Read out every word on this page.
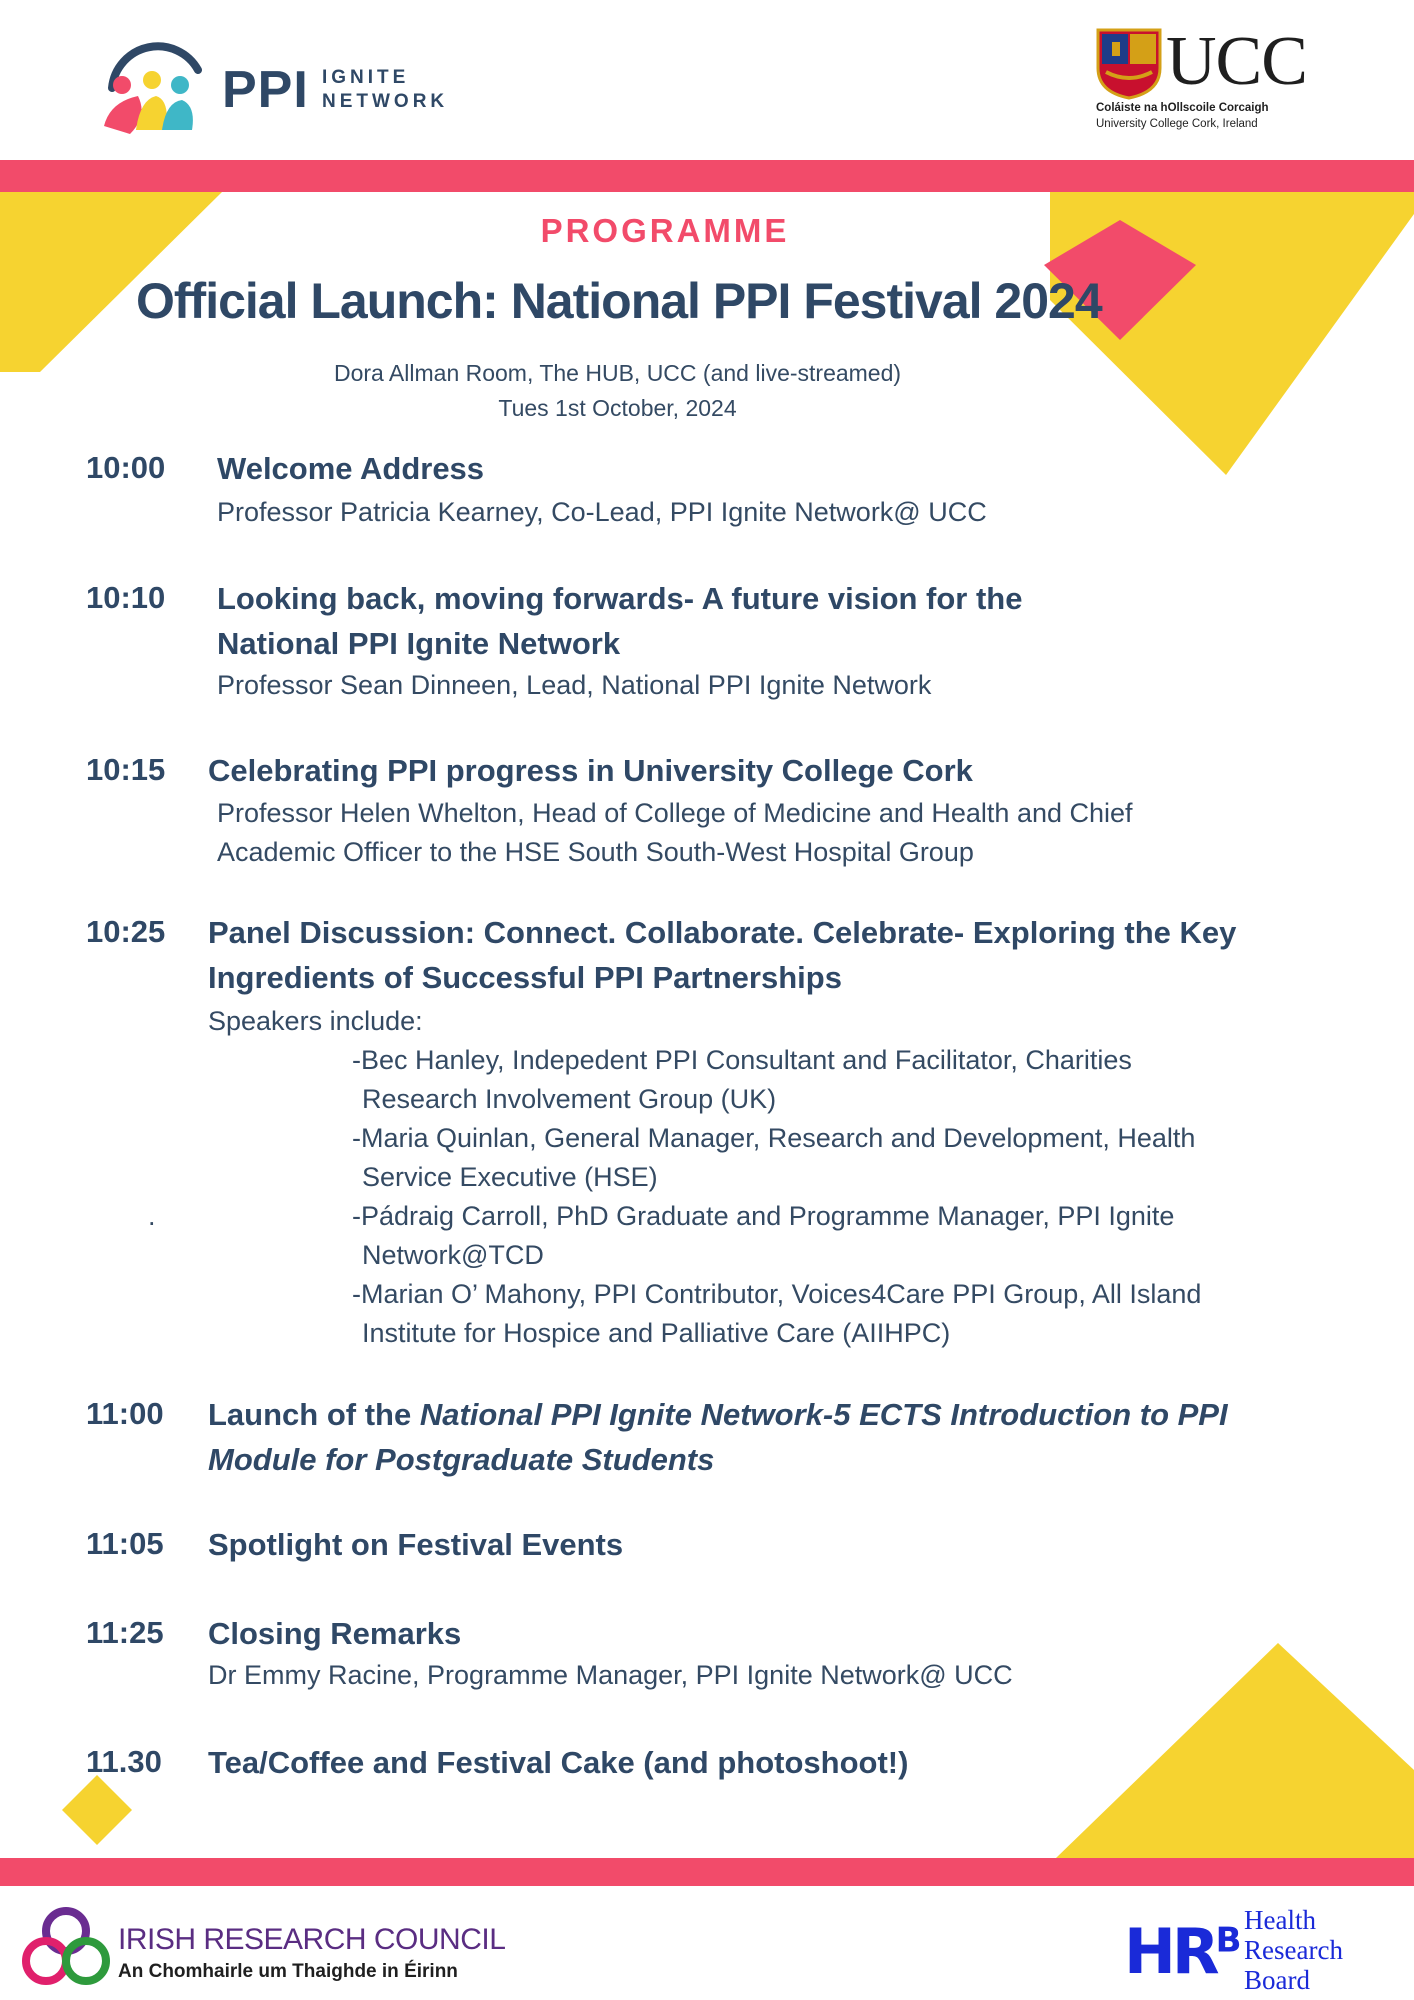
PPI IGNITE
NETWORK
UCC
Coláiste na hOllscoile Corcaigh
University College Cork, Ireland
PROGRAMME
Official Launch: National PPI Festival 2024
Dora Allman Room, The HUB, UCC (and live-streamed)
Tues 1st October, 2024
10:00 Welcome Address
Professor Patricia Kearney, Co-Lead, PPI Ignite Network@ UCC
10:10 Looking back, moving forwards- A future vision for the
National PPI Ignite Network
Professor Sean Dinneen, Lead, National PPI Ignite Network
10:15 Celebrating PPI progress in University College Cork
Professor Helen Whelton, Head of College of Medicine and Health and Chief
Academic Officer to the HSE South South-West Hospital Group
10:25 Panel Discussion: Connect. Collaborate. Celebrate- Exploring the Key
Ingredients of Successful PPI Partnerships
Speakers include:
-Bec Hanley, Indepedent PPI Consultant and Facilitator, Charities
Research Involvement Group (UK)
-Maria Quinlan, General Manager, Research and Development, Health
Service Executive (HSE)
-Pádraig Carroll, PhD Graduate and Programme Manager, PPI Ignite
Network@TCD
-Marian O’ Mahony, PPI Contributor, Voices4Care PPI Group, All Island
Institute for Hospice and Palliative Care (AIIHPC)
.
11:00 Launch of the National PPI Ignite Network-5 ECTS Introduction to PPI
Module for Postgraduate Students
11:05 Spotlight on Festival Events
11:25 Closing Remarks
Dr Emmy Racine, Programme Manager, PPI Ignite Network@ UCC
11.30 Tea/Coffee and Festival Cake (and photoshoot!)
IRISH RESEARCH COUNCIL
An Chomhairle um Thaighde in Éirinn	$HR^B$
Health
Research
Board
